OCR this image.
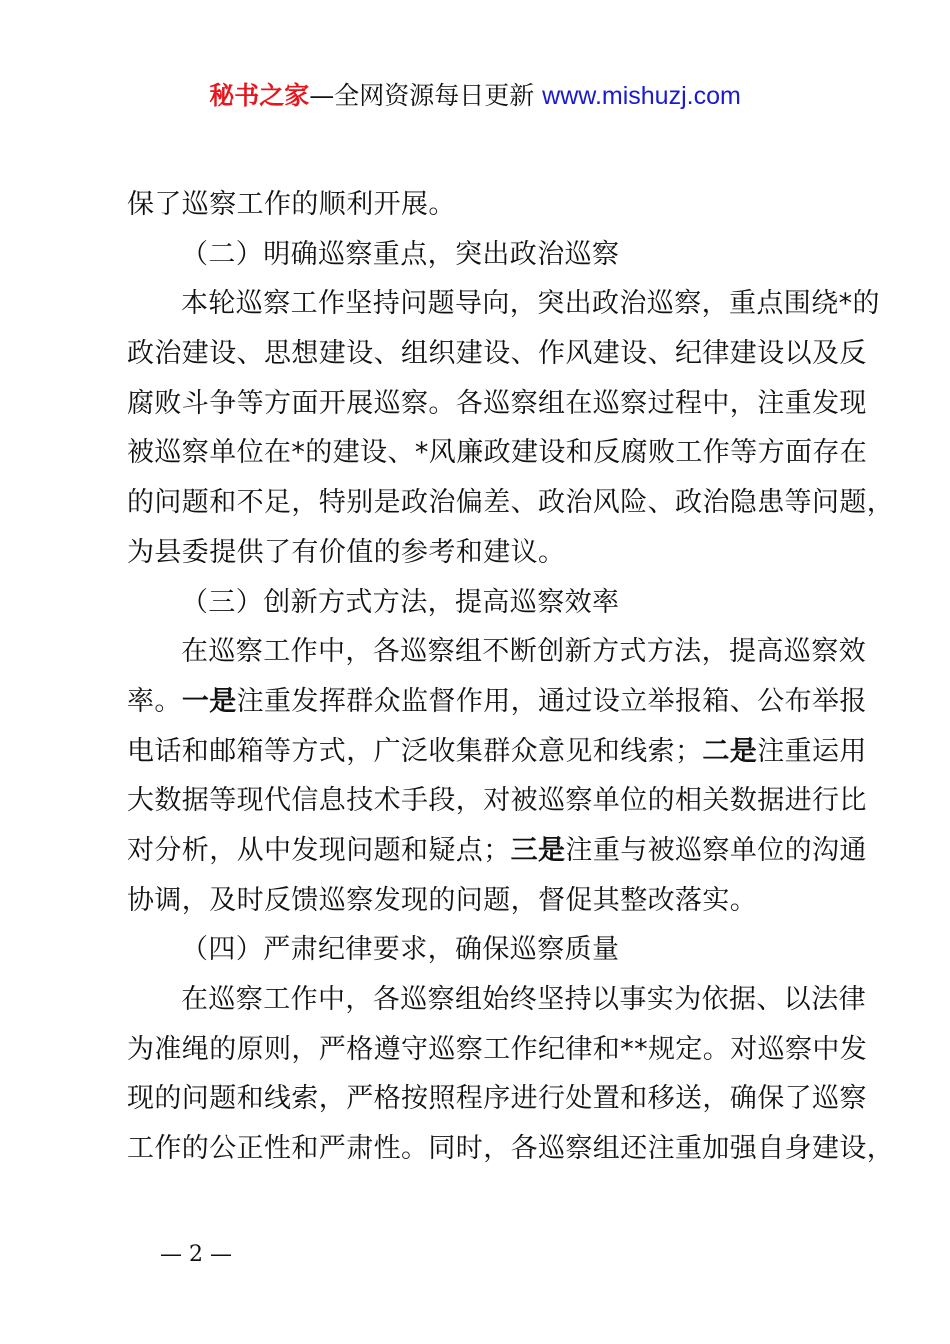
秘书之家—全网资源每日更新 www.mishuzj.com
保了巡察工作的顺利开展。
（二）明确巡察重点，突出政治巡察
本轮巡察工作坚持问题导向，突出政治巡察，重点围绕*的
政治建设、思想建设、组织建设、作风建设、纪律建设以及反
腐败斗争等方面开展巡察。各巡察组在巡察过程中，注重发现
被巡察单位在*的建设、*风廉政建设和反腐败工作等方面存在
的问题和不足，特别是政治偏差、政治风险、政治隐患等问题，
为县委提供了有价值的参考和建议。
（三）创新方式方法，提高巡察效率
在巡察工作中，各巡察组不断创新方式方法，提高巡察效
率。一是注重发挥群众监督作用，通过设立举报箱、公布举报
电话和邮箱等方式，广泛收集群众意见和线索；二是注重运用
大数据等现代信息技术手段，对被巡察单位的相关数据进行比
对分析，从中发现问题和疑点；三是注重与被巡察单位的沟通
协调，及时反馈巡察发现的问题，督促其整改落实。
（四）严肃纪律要求，确保巡察质量
在巡察工作中，各巡察组始终坚持以事实为依据、以法律
为准绳的原则，严格遵守巡察工作纪律和**规定。对巡察中发
现的问题和线索，严格按照程序进行处置和移送，确保了巡察
工作的公正性和严肃性。同时，各巡察组还注重加强自身建设，
— 2 —
